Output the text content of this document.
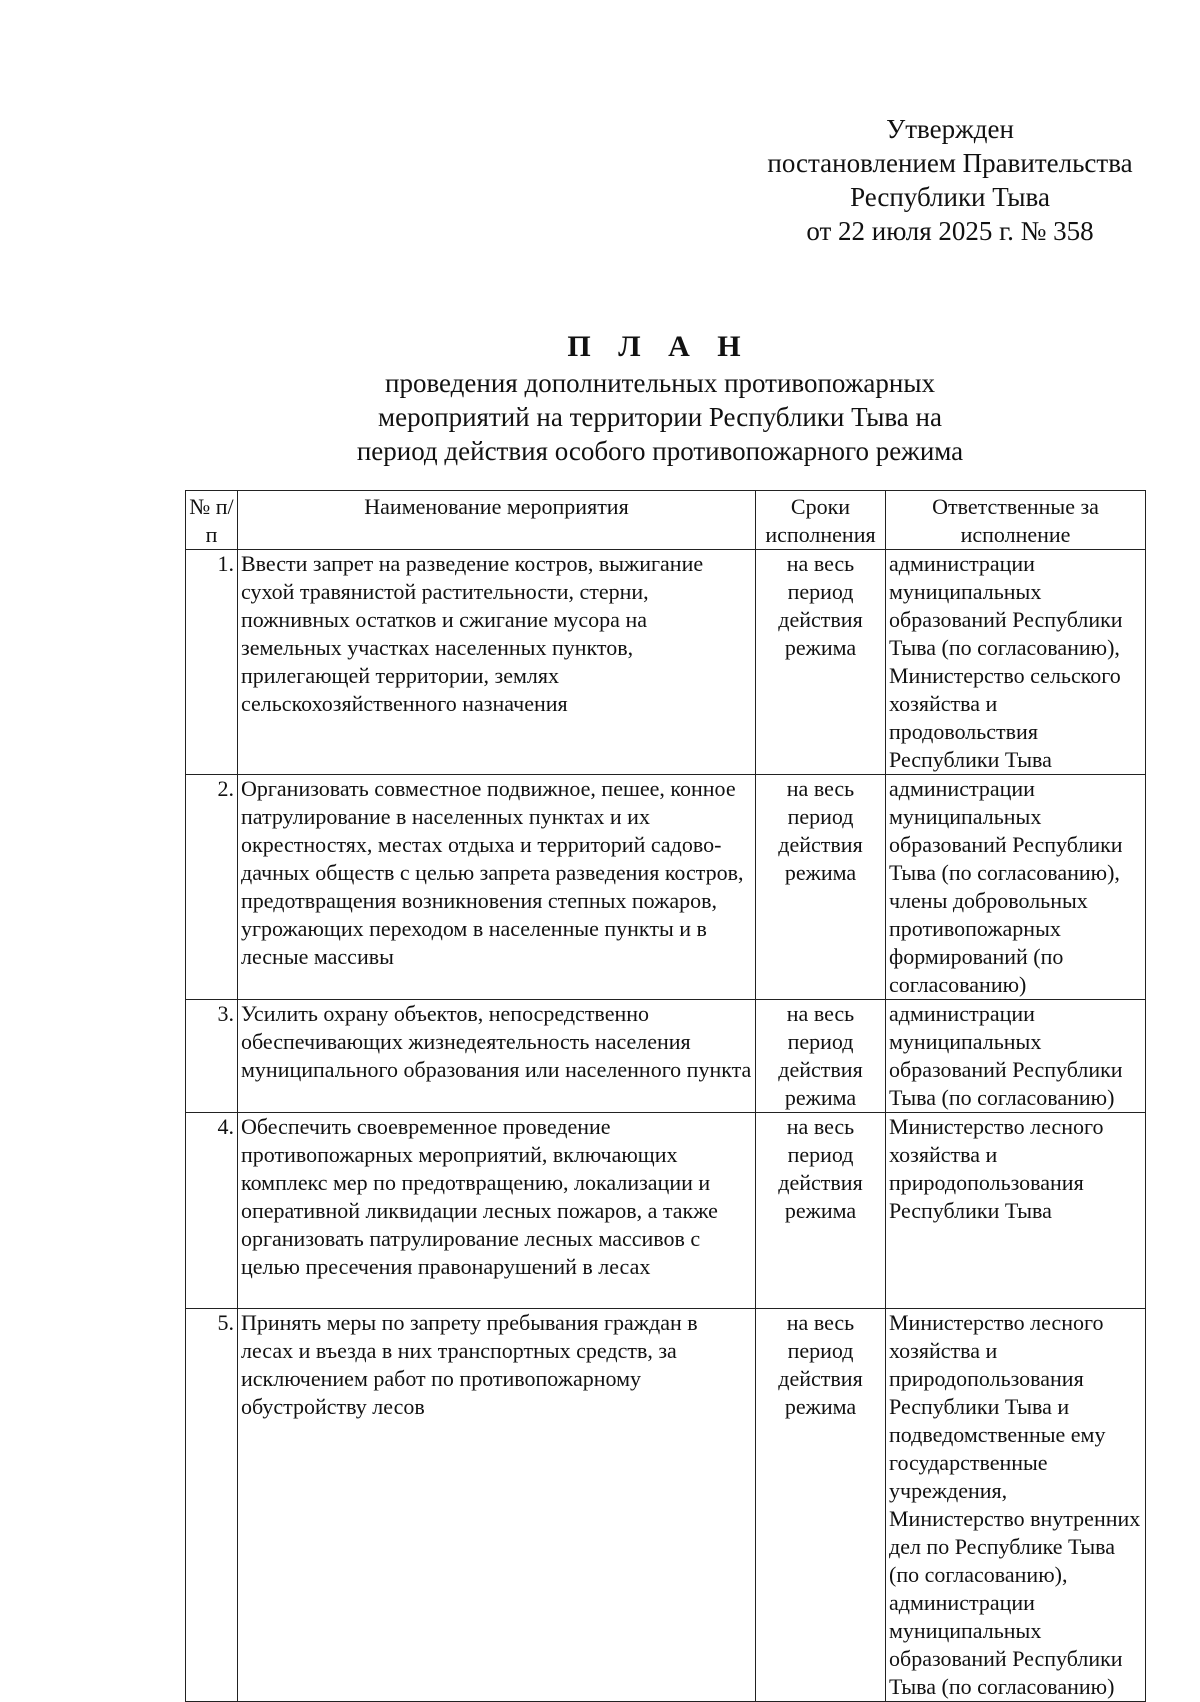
Утвержден
постановлением Правительства
Республики Тыва
от 22 июля 2025 г. № 358
П Л А Н
проведения дополнительных противопожарных
мероприятий на территории Республики Тыва на
период действия особого противопожарного режима
№ п/п	Наименование мероприятия	Сроки исполнения	Ответственные за исполнение
1.	Ввести запрет на разведение костров, выжигание сухой травянистой растительности, стерни, пожнивных остатков и сжигание мусора на земельных участках населенных пунктов, прилегающей территории, землях сельскохозяйственного назначения	на весь период действия режима	администрации муниципальных образований Республики Тыва (по согласованию), Министерство сельского хозяйства и продовольствия Республики Тыва
2.	Организовать совместное подвижное, пешее, конное патрулирование в населенных пунктах и их окрестностях, местах отдыха и территорий садово-дачных обществ с целью запрета разведения костров, предотвращения возникновения степных пожаров, угрожающих переходом в населенные пункты и в лесные массивы	на весь период действия режима	администрации муниципальных образований Республики Тыва (по согласованию), члены добровольных противопожарных формирований (по согласованию)
3.	Усилить охрану объектов, непосредственно обеспечивающих жизнедеятельность населения муниципального образования или населенного пункта	на весь период действия режима	администрации муниципальных образований Республики Тыва (по согласованию)
4.	Обеспечить своевременное проведение противопожарных мероприятий, включающих комплекс мер по предотвращению, локализации и оперативной ликвидации лесных пожаров, а также организовать патрулирование лесных массивов с целью пресечения правонарушений в лесах	на весь период действия режима	Министерство лесного хозяйства и природопользования Республики Тыва
5.	Принять меры по запрету пребывания граждан в лесах и въезда в них транспортных средств, за исключением работ по противопожарному обустройству лесов	на весь период действия режима	Министерство лесного хозяйства и природопользования Республики Тыва и подведомственные ему государственные учреждения, Министерство внутренних дел по Республике Тыва (по согласованию), администрации муниципальных образований Республики Тыва (по согласованию)
